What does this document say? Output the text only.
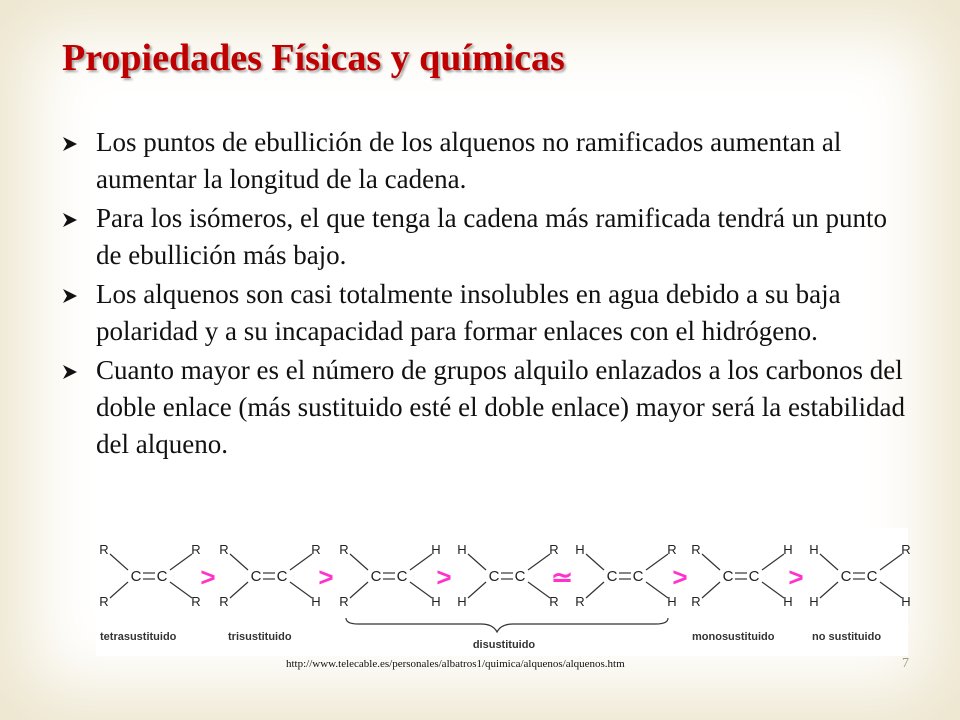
Propiedades Físicas y químicas
Los puntos de ebullición de los alquenos no ramificados aumentan al aumentar la longitud de la cadena.
Para los isómeros, el que tenga la cadena más ramificada tendrá un punto de ebullición más bajo.
Los alquenos son casi totalmente insolubles en agua debido a su baja polaridad y a su incapacidad para formar enlaces con el hidrógeno.
Cuanto mayor es el número de grupos alquilo enlazados a los carbonos del doble enlace (más sustituido esté el doble enlace) mayor será la estabilidad del alqueno.
C C
R
R
R
R
C C
R
R
R
H
C C
R
R
H
H
C C
H
H
R
R
C C
H
R
R
H
C C
R
R
H
H
C C
H
H
R
H
>	>	>	≃	>	>
tetrasustituido	trisustituido
disustituido
monosustituido	no sustituido
http://www.telecable.es/personales/albatros1/quimica/alquenos/alquenos.htm	7
